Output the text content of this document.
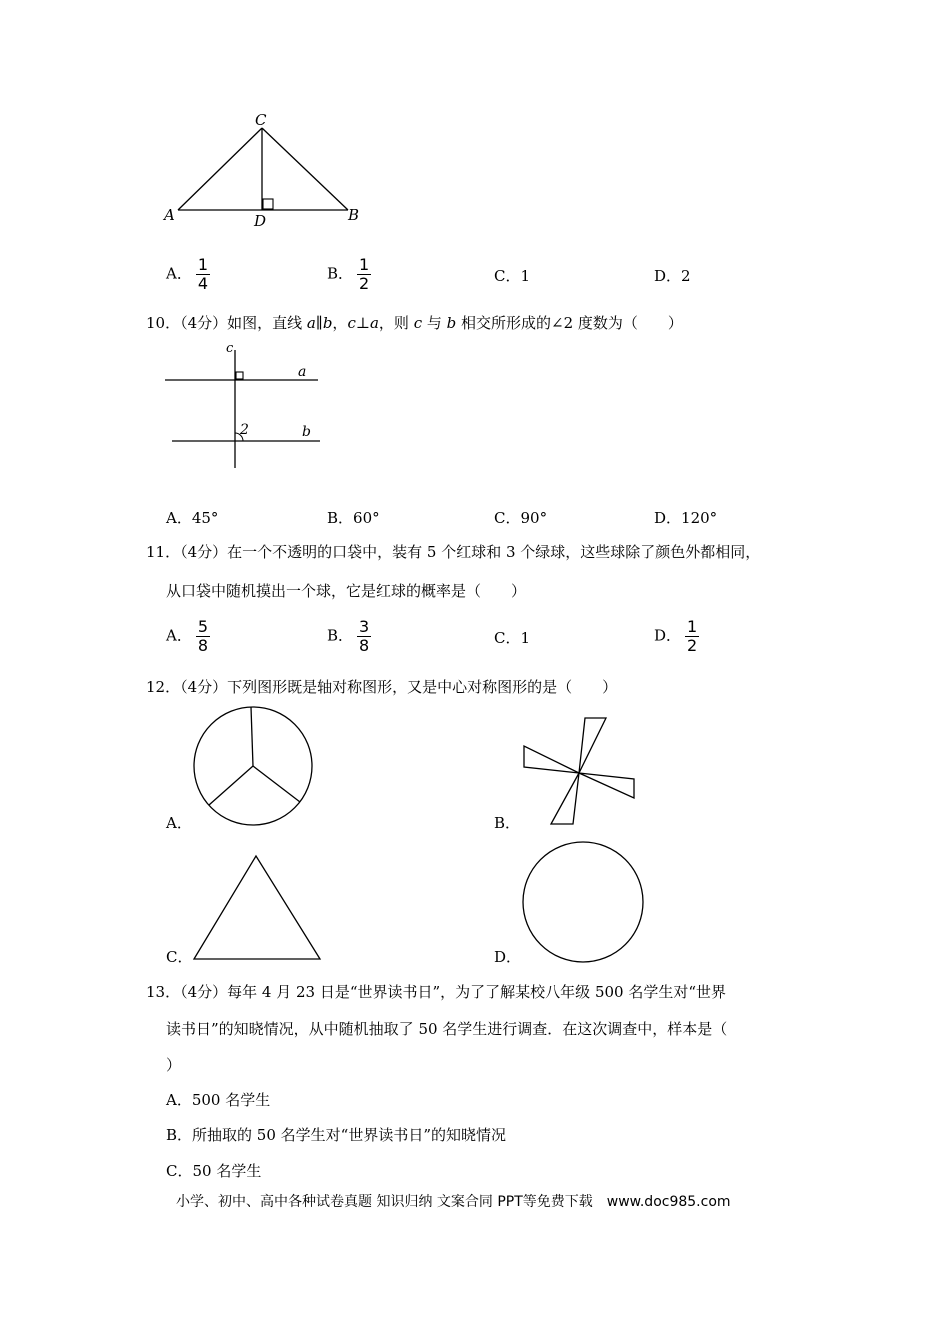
C
A	B
D
A． $\frac{1}{4}$	B． $\frac{1}{2}$	C．1	D．2
10．（4分）如图，直线 a∥b，c⊥a，则 c 与 b 相交所形成的∠2 度数为（　　）
c
a
b
2
A．45°	B．60°	C．90°	D．120°
11．（4分）在一个不透明的口袋中，装有 5 个红球和 3 个绿球，这些球除了颜色外都相同，
从口袋中随机摸出一个球，它是红球的概率是（　　）
A． $\frac{5}{8}$	B． $\frac{3}{8}$	C．1	D． $\frac{1}{2}$
12．（4分）下列图形既是轴对称图形，又是中心对称图形的是（　　）
A．	B．
C．	D．
13．（4分）每年 4 月 23 日是“世界读书日”，为了了解某校八年级 500 名学生对“世界
读书日”的知晓情况，从中随机抽取了 50 名学生进行调查．在这次调查中，样本是（
）
A．500 名学生
B．所抽取的 50 名学生对“世界读书日”的知晓情况
C．50 名学生
小学、初中、高中各种试卷真题 知识归纳 文案合同 PPT等免费下载　www.doc985.com
